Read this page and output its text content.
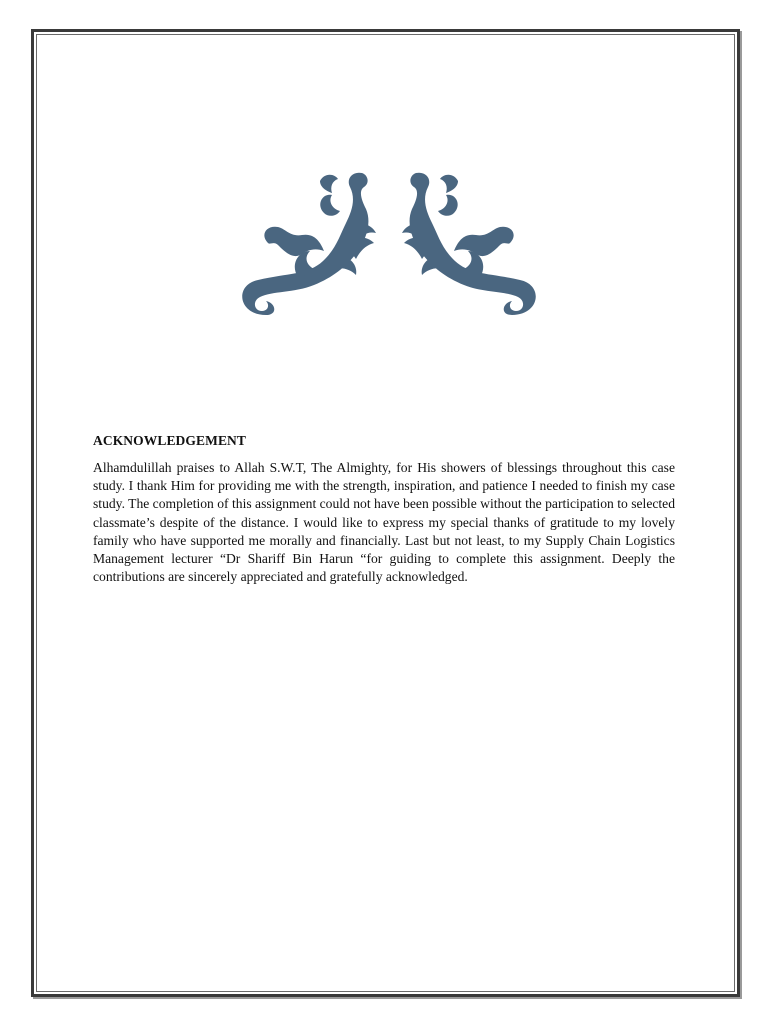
ACKNOWLEDGEMENT

Alhamdulillah praises to Allah S.W.T, The Almighty, for His showers of blessings throughout this case study. I thank Him for providing me with the strength, inspiration, and patience I needed to finish my case study. The completion of this assignment could not have been possible without the participation to selected classmate’s despite of the distance. I would like to express my special thanks of gratitude to my lovely family who have supported me morally and financially. Last but not least, to my Supply Chain Logistics Management lecturer “Dr Shariff Bin Harun “for guiding to complete this assignment. Deeply the contributions are sincerely appreciated and gratefully acknowledged.
